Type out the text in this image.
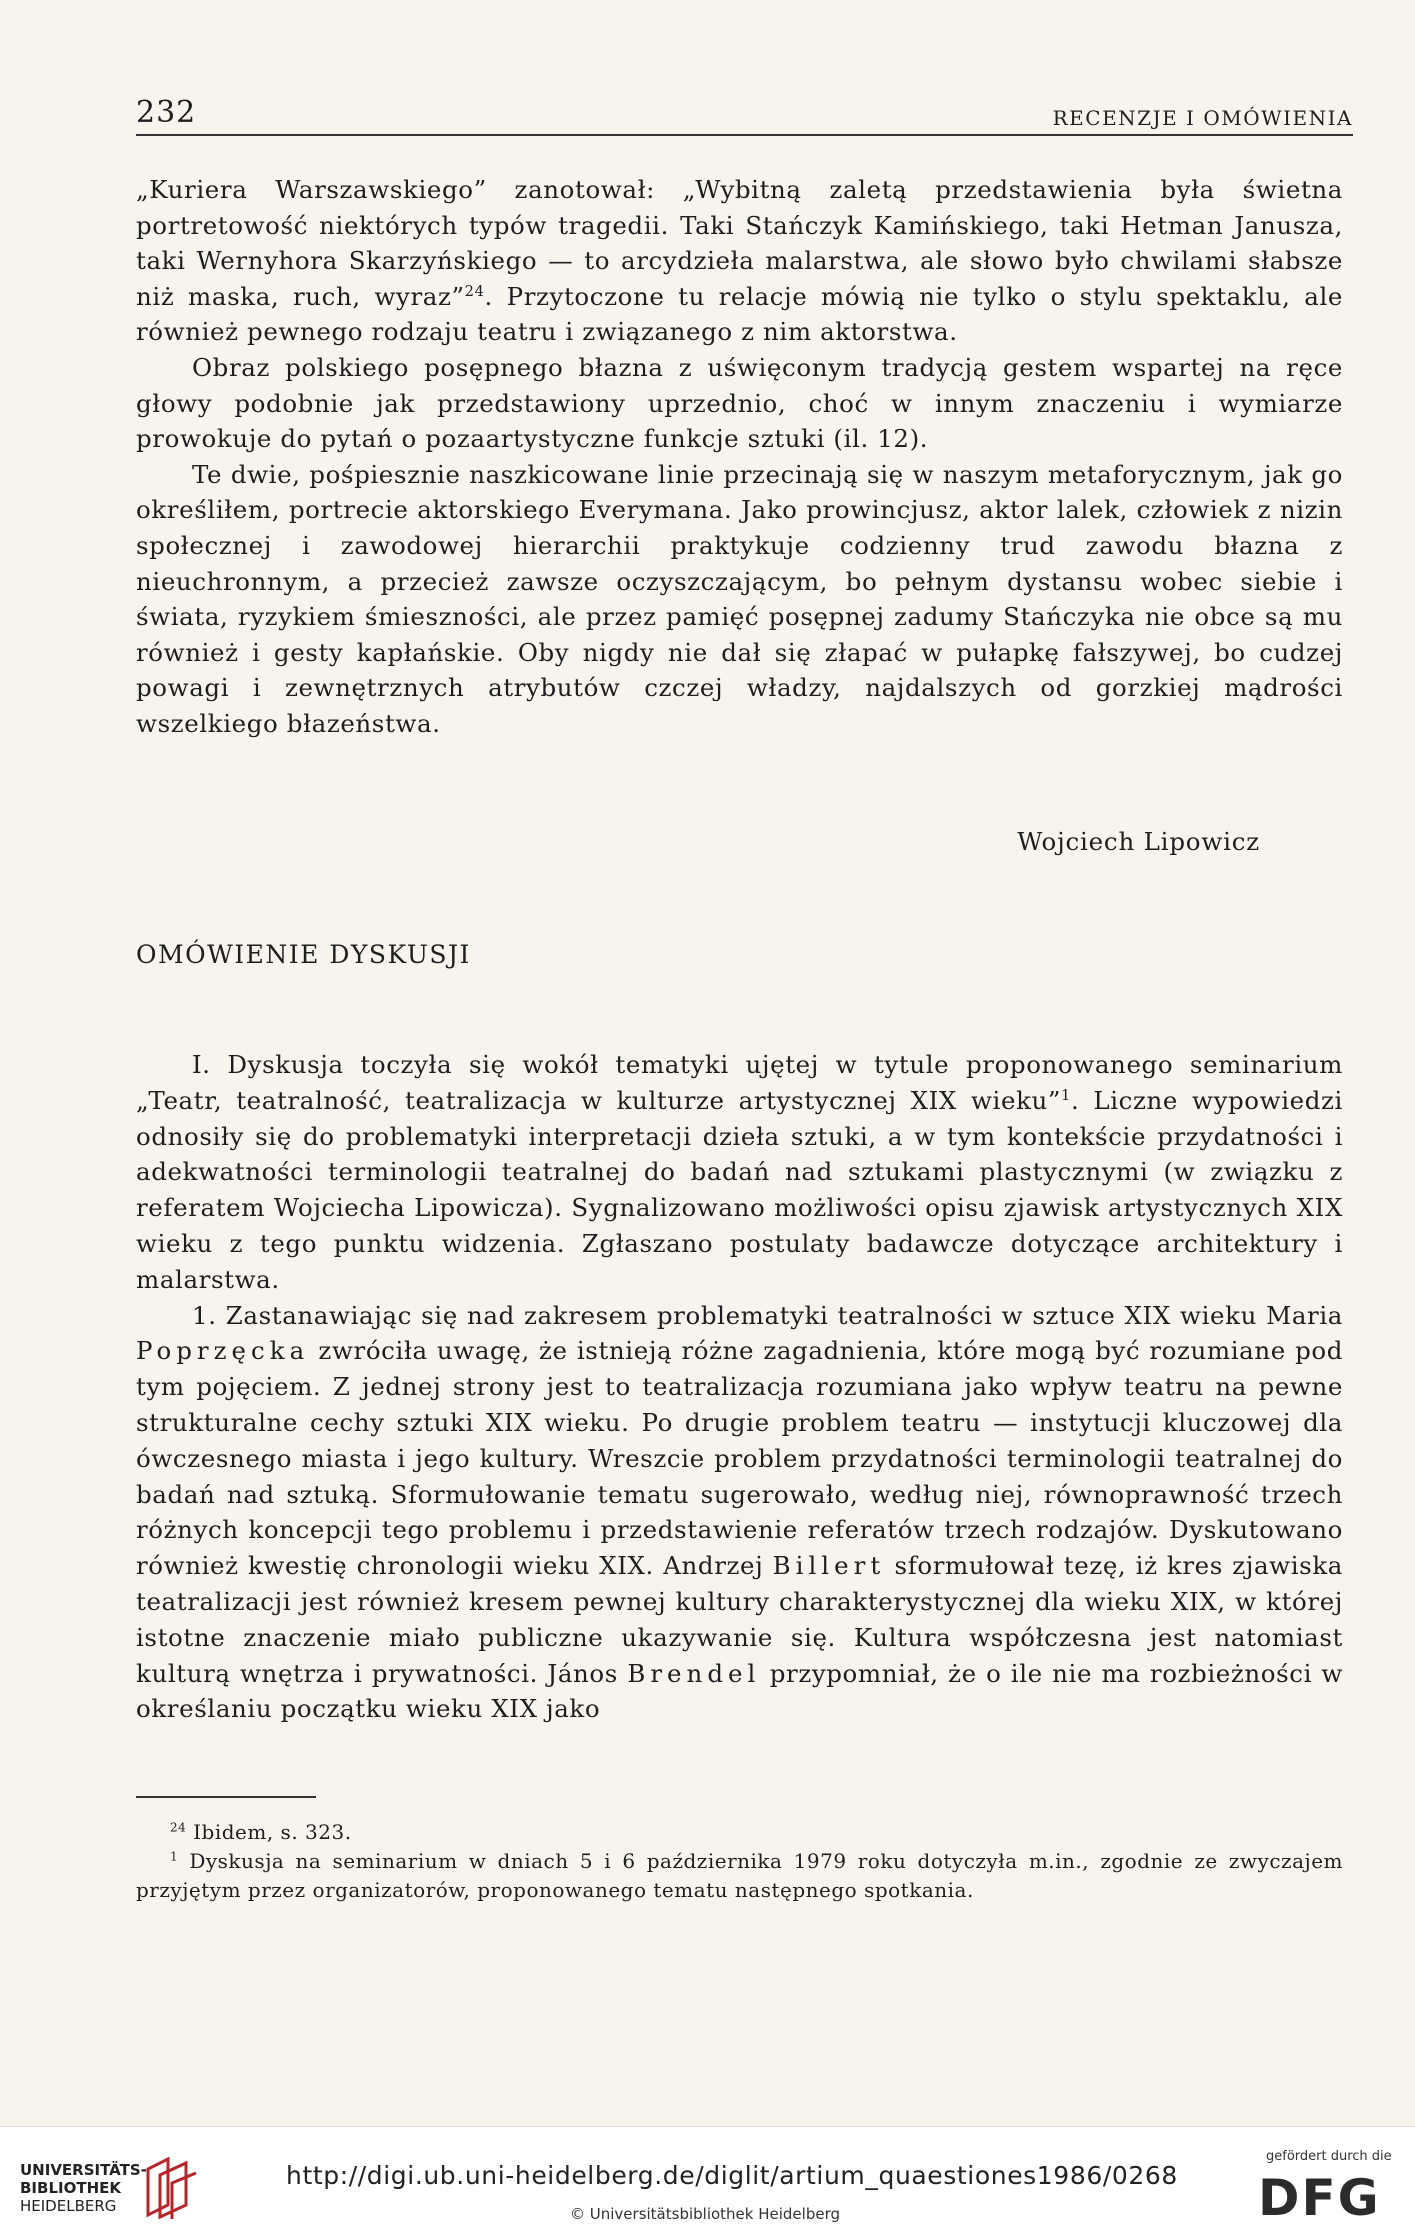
232	RECENZJE I OMÓWIENIA

„Kuriera Warszawskiego” zanotował: „Wybitną zaletą przedstawienia była świetna portretowość niektórych typów tragedii. Taki Stańczyk Kamińskiego, taki Hetman Janusza, taki Wernyhora Skarzyńskiego — to arcydzieła malarstwa, ale słowo było chwilami słabsze niż maska, ruch, wyraz”$^{24}$. Przytoczone tu relacje mówią nie tylko o stylu spektaklu, ale również pewnego rodzaju teatru i związanego z nim aktorstwa.

Obraz polskiego posępnego błazna z uświęconym tradycją gestem wspartej na ręce głowy podobnie jak przedstawiony uprzednio, choć w innym znaczeniu i wymiarze prowokuje do pytań o pozaartystyczne funkcje sztuki (il. 12).

Te dwie, pośpiesznie naszkicowane linie przecinają się w naszym metaforycznym, jak go określiłem, portrecie aktorskiego Everymana. Jako prowincjusz, aktor lalek, człowiek z nizin społecznej i zawodowej hierarchii praktykuje codzienny trud zawodu błazna z nieuchronnym, a przecież zawsze oczyszczającym, bo pełnym dystansu wobec siebie i świata, ryzykiem śmieszności, ale przez pamięć posępnej zadumy Stańczyka nie obce są mu również i gesty kapłańskie. Oby nigdy nie dał się złapać w pułapkę fałszywej, bo cudzej powagi i zewnętrznych atrybutów czczej władzy, najdalszych od gorzkiej mądrości wszelkiego błazeństwa.

Wojciech Lipowicz
OMÓWIENIE DYSKUSJI

I. Dyskusja toczyła się wokół tematyki ujętej w tytule proponowanego seminarium „Teatr, teatralność, teatralizacja w kulturze artystycznej XIX wieku”$^1$. Liczne wypowiedzi odnosiły się do problematyki interpretacji dzieła sztuki, a w tym kontekście przydatności i adekwatności terminologii teatralnej do badań nad sztukami plastycznymi (w związku z referatem Wojciecha Lipowicza). Sygnalizowano możliwości opisu zjawisk artystycznych XIX wieku z tego punktu widzenia. Zgłaszano postulaty badawcze dotyczące architektury i malarstwa.

1. Zastanawiając się nad zakresem problematyki teatralności w sztuce XIX wieku Maria Poprzęcka zwróciła uwagę, że istnieją różne zagadnienia, które mogą być rozumiane pod tym pojęciem. Z jednej strony jest to teatralizacja rozumiana jako wpływ teatru na pewne strukturalne cechy sztuki XIX wieku. Po drugie problem teatru — instytucji kluczowej dla ówczesnego miasta i jego kultury. Wreszcie problem przydatności terminologii teatralnej do badań nad sztuką. Sformułowanie tematu sugerowało, według niej, równoprawność trzech różnych koncepcji tego problemu i przedstawienie referatów trzech rodzajów. Dyskutowano również kwestię chronologii wieku XIX. Andrzej Billert sformułował tezę, iż kres zjawiska teatralizacji jest również kresem pewnej kultury charakterystycznej dla wieku XIX, w której istotne znaczenie miało publiczne ukazywanie się. Kultura współczesna jest natomiast kulturą wnętrza i prywatności. János Brendel przypomniał, że o ile nie ma rozbieżności w określaniu początku wieku XIX jako

$^{24}$ Ibidem, s. 323.

$^1$ Dyskusja na seminarium w dniach 5 i 6 października 1979 roku dotyczyła m.in., zgodnie ze zwyczajem przyjętym przez organizatorów, proponowanego tematu następnego spotkania.

UNIVERSITÄTS-
BIBLIOTHEK
HEIDELBERG
http://digi.ub.uni-heidelberg.de/diglit/artium_quaestiones1986/0268
© Universitätsbibliothek Heidelberg
gefördert durch die
DFG
